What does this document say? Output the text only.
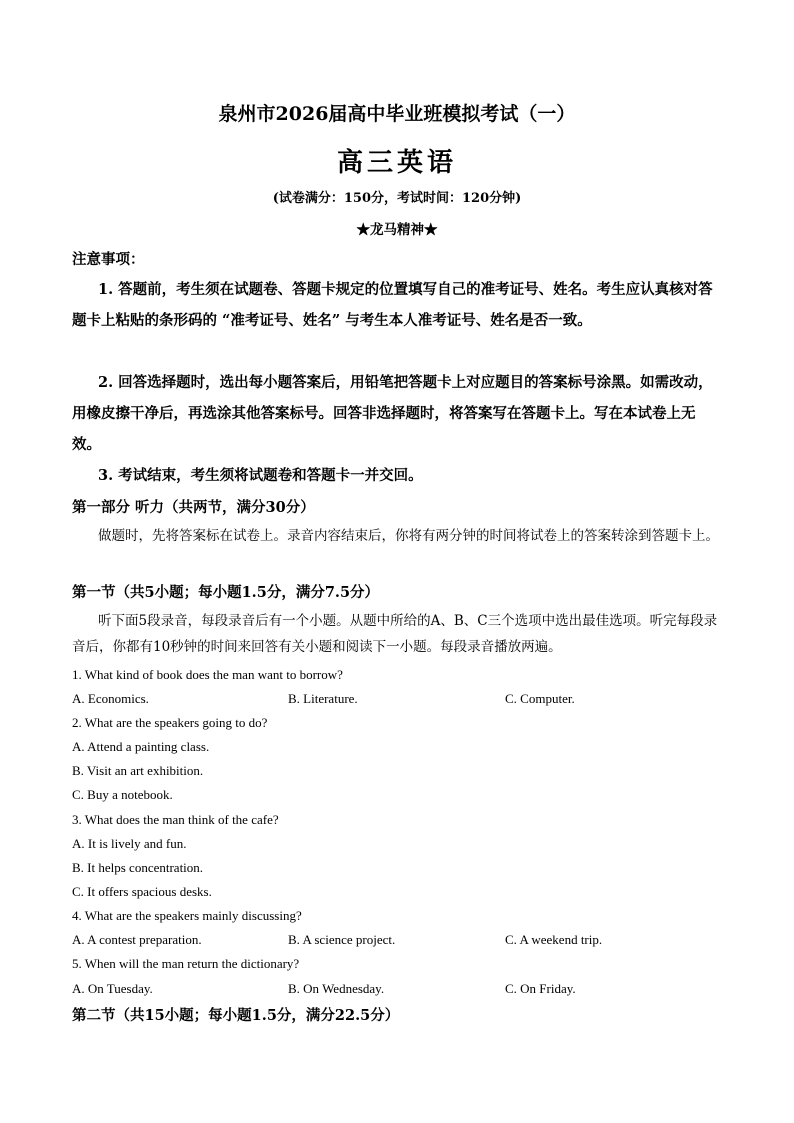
泉州市2026届高中毕业班模拟考试（一）
高三英语
(试卷满分：150分，考试时间：120分钟)
★龙马精神★
注意事项：
1. 答题前，考生须在试题卷、答题卡规定的位置填写自己的准考证号、姓名。考生应认真核对答题卡上粘贴的条形码的 “准考证号、姓名” 与考生本人准考证号、姓名是否一致。
2. 回答选择题时，选出每小题答案后，用铅笔把答题卡上对应题目的答案标号涂黑。如需改动，用橡皮擦干净后，再选涂其他答案标号。回答非选择题时，将答案写在答题卡上。写在本试卷上无效。
3. 考试结束，考生须将试题卷和答题卡一并交回。
第一部分 听力（共两节，满分30分）
做题时，先将答案标在试卷上。录音内容结束后，你将有两分钟的时间将试卷上的答案转涂到答题卡上。
第一节（共5小题；每小题1.5分，满分7.5分）
听下面5段录音，每段录音后有一个小题。从题中所给的A、B、C三个选项中选出最佳选项。听完每段录音后，你都有10秒钟的时间来回答有关小题和阅读下一小题。每段录音播放两遍。
1. What kind of book does the man want to borrow?
A. Economics.	B. Literature.	C. Computer.
2. What are the speakers going to do?
A. Attend a painting class.
B. Visit an art exhibition.
C. Buy a notebook.
3. What does the man think of the cafe?
A. It is lively and fun.
B. It helps concentration.
C. It offers spacious desks.
4. What are the speakers mainly discussing?
A. A contest preparation.	B. A science project.	C. A weekend trip.
5. When will the man return the dictionary?
A. On Tuesday.	B. On Wednesday.	C. On Friday.
第二节（共15小题；每小题1.5分，满分22.5分）
